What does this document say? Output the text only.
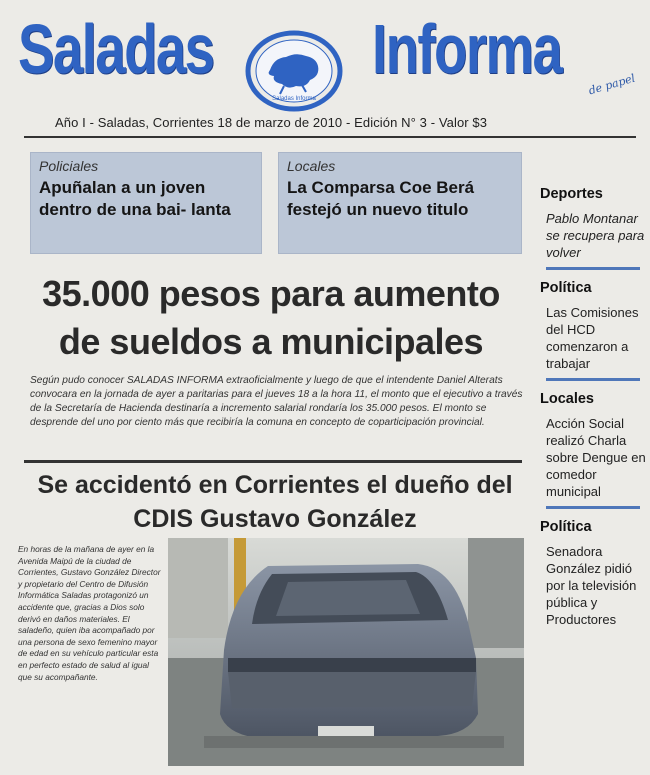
Saladas
Saladas Informa
Informa de papel
Año I - Saladas, Corrientes 18 de marzo de 2010 - Edición N° 3 - Valor $3
Policiales
Apuñalan a un joven dentro de una bai- lanta
Locales
La Comparsa Coe Berá festejó un nuevo titulo
Deportes
Pablo Montanar se recupera para volver
Política
Las Comisiones del HCD comenzaron a trabajar
Locales
Acción Social realizó Charla sobre Dengue en comedor municipal
Política
Senadora González pidió por la televisión pública y Productores
35.000 pesos para aumento de sueldos a municipales
Según pudo conocer SALADAS INFORMA extraoficialmente y luego de que el intendente Daniel Alterats convocara en la jornada de ayer a paritarias para el jueves 18 a la hora 11, el monto que el ejecutivo a través de la Secretaría de Hacienda destinaría a incremento salarial rondaría los 35.000 pesos. El monto se desprende del uno por ciento más que recibiría la comuna en concepto de coparticipación provincial.
Se accidentó en Corrientes el dueño del CDIS Gustavo González
En horas de la mañana de ayer en la Avenida Maipú de la ciudad de Corrientes, Gustavo González Director y propietario del Centro de Difusión Informática Saladas protagonizó un accidente que, gracias a Dios solo derivó en daños materiales. El saladeño, quien iba acompañado por una persona de sexo femenino mayor de edad en su vehículo particular esta en perfecto estado de salud al igual que su acompañante.
